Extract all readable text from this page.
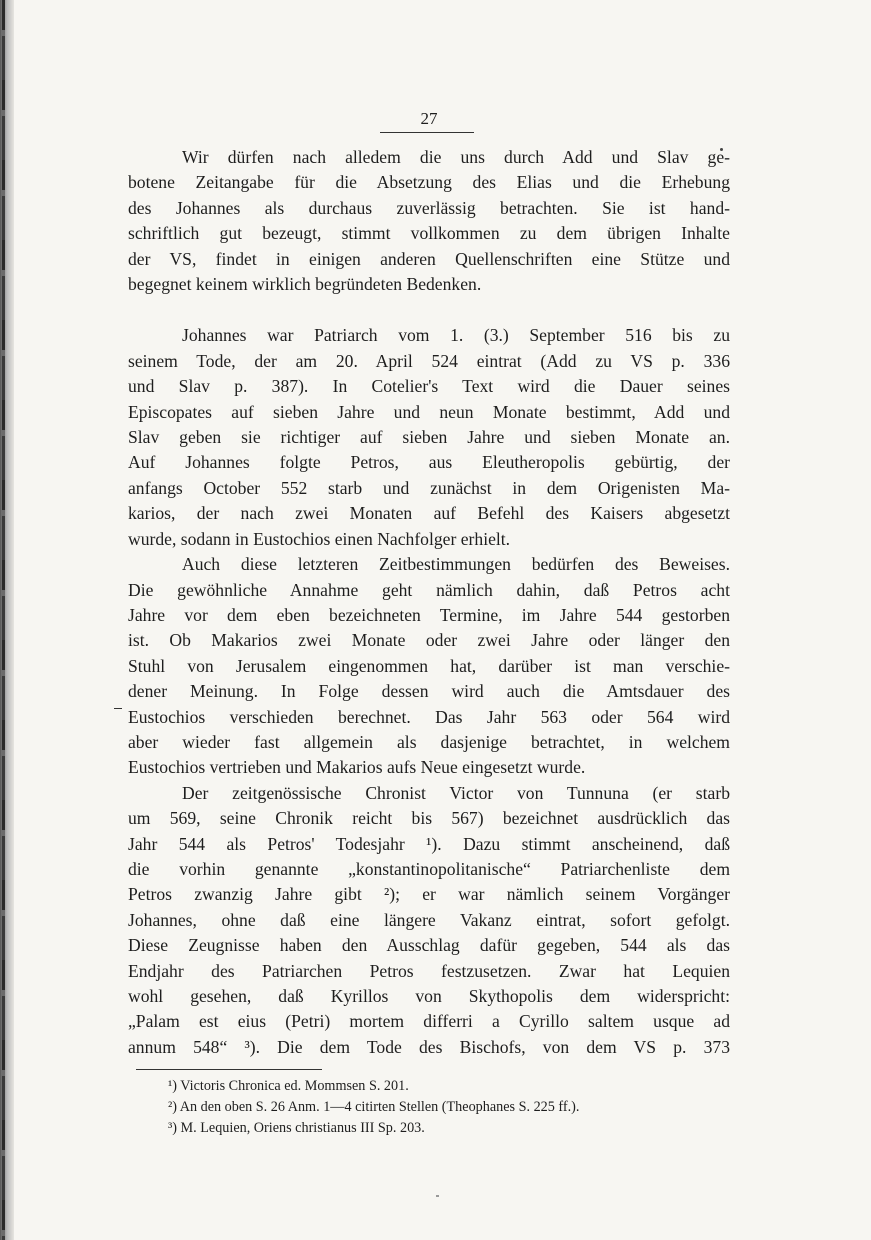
27

Wir dürfen nach alledem die uns durch Add und Slav ge-
botene Zeitangabe für die Absetzung des Elias und die Erhebung
des Johannes als durchaus zuverlässig betrachten. Sie ist hand-
schriftlich gut bezeugt, stimmt vollkommen zu dem übrigen Inhalte
der VS, findet in einigen anderen Quellenschriften eine Stütze und
begegnet keinem wirklich begründeten Bedenken.

Johannes war Patriarch vom 1. (3.) September 516 bis zu
seinem Tode, der am 20. April 524 eintrat (Add zu VS p. 336
und Slav p. 387). In Cotelier's Text wird die Dauer seines
Episcopates auf sieben Jahre und neun Monate bestimmt, Add und
Slav geben sie richtiger auf sieben Jahre und sieben Monate an.
Auf Johannes folgte Petros, aus Eleutheropolis gebürtig, der
anfangs October 552 starb und zunächst in dem Origenisten Ma-
karios, der nach zwei Monaten auf Befehl des Kaisers abgesetzt
wurde, sodann in Eustochios einen Nachfolger erhielt.

Auch diese letzteren Zeitbestimmungen bedürfen des Beweises.
Die gewöhnliche Annahme geht nämlich dahin, daß Petros acht
Jahre vor dem eben bezeichneten Termine, im Jahre 544 gestorben
ist. Ob Makarios zwei Monate oder zwei Jahre oder länger den
Stuhl von Jerusalem eingenommen hat, darüber ist man verschie-
dener Meinung. In Folge dessen wird auch die Amtsdauer des
Eustochios verschieden berechnet. Das Jahr 563 oder 564 wird
aber wieder fast allgemein als dasjenige betrachtet, in welchem
Eustochios vertrieben und Makarios aufs Neue eingesetzt wurde.

Der zeitgenössische Chronist Victor von Tunnuna (er starb
um 569, seine Chronik reicht bis 567) bezeichnet ausdrücklich das
Jahr 544 als Petros' Todesjahr ¹). Dazu stimmt anscheinend, daß
die vorhin genannte „konstantinopolitanische“ Patriarchenliste dem
Petros zwanzig Jahre gibt ²); er war nämlich seinem Vorgänger
Johannes, ohne daß eine längere Vakanz eintrat, sofort gefolgt.
Diese Zeugnisse haben den Ausschlag dafür gegeben, 544 als das
Endjahr des Patriarchen Petros festzusetzen. Zwar hat Lequien
wohl gesehen, daß Kyrillos von Skythopolis dem widerspricht:
„Palam est eius (Petri) mortem differri a Cyrillo saltem usque ad
annum 548“ ³). Die dem Tode des Bischofs, von dem VS p. 373

¹) Victoris Chronica ed. Mommsen S. 201.
²) An den oben S. 26 Anm. 1—4 citirten Stellen (Theophanes S. 225 ff.).
³) M. Lequien, Oriens christianus III Sp. 203.
